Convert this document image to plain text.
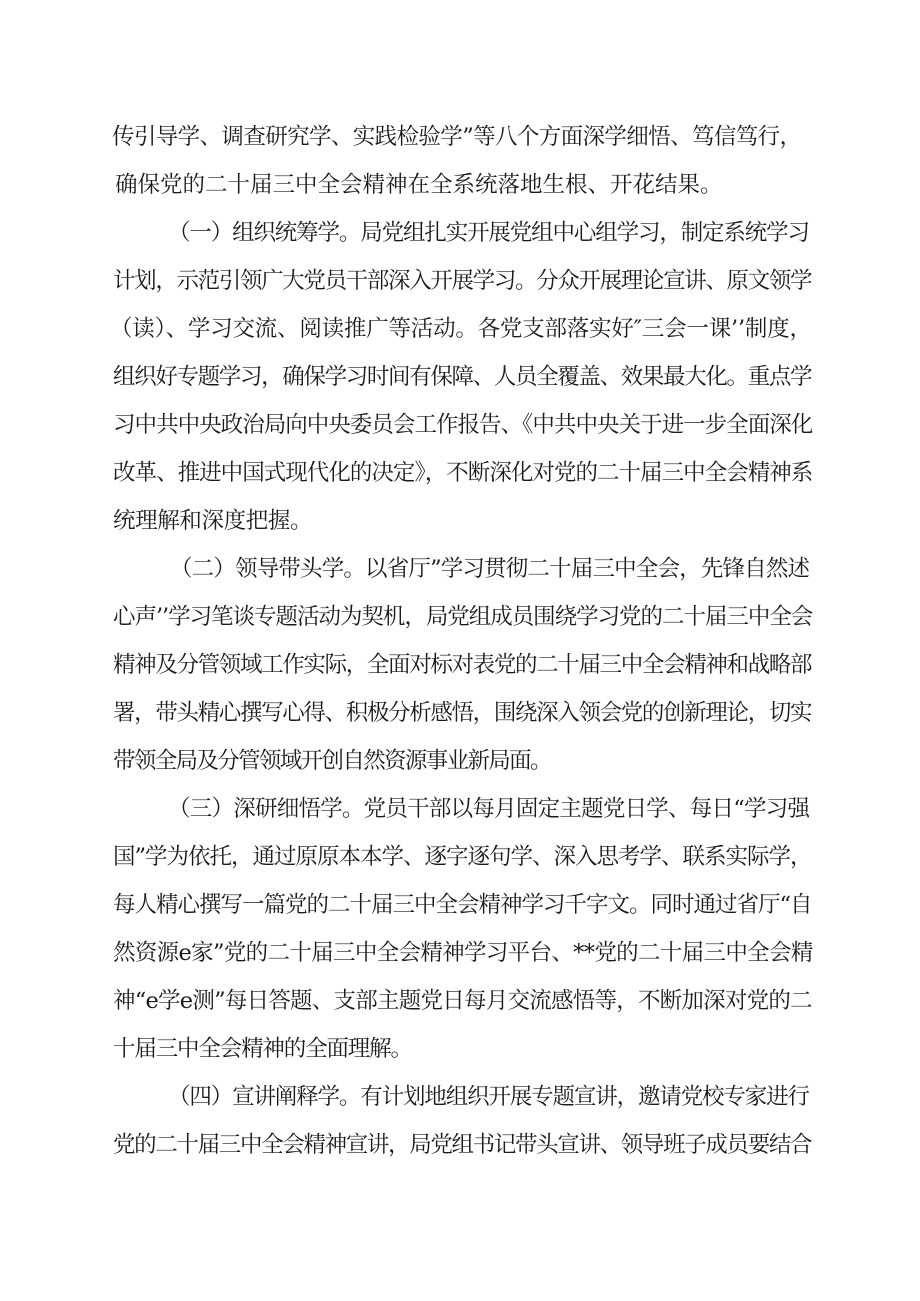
传引导学、调查研究学、实践检验学”等八个方面深学细悟、笃信笃行，
确保党的二十届三中全会精神在全系统落地生根、开花结果。
（一）组织统筹学。局党组扎实开展党组中心组学习，制定系统学习
计划，示范引领广大党员干部深入开展学习。分众开展理论宣讲、原文领学
（读）、学习交流、阅读推广等活动。各党支部落实好″三会一课’’制度，
组织好专题学习，确保学习时间有保障、人员全覆盖、效果最大化。重点学
习中共中央政治局向中央委员会工作报告、《中共中央关于进一步全面深化
改革、推进中国式现代化的决定》，不断深化对党的二十届三中全会精神系
统理解和深度把握。
（二）领导带头学。以省厅”学习贯彻二十届三中全会，先锋自然述
心声’’学习笔谈专题活动为契机，局党组成员围绕学习党的二十届三中全会
精神及分管领域工作实际，全面对标对表党的二十届三中全会精神和战略部
署，带头精心撰写心得、积极分析感悟，围绕深入领会党的创新理论，切实
带领全局及分管领域开创自然资源事业新局面。
（三）深研细悟学。党员干部以每月固定主题党日学、每日“学习强
国”学为依托，通过原原本本学、逐字逐句学、深入思考学、联系实际学，
每人精心撰写一篇党的二十届三中全会精神学习千字文。同时通过省厅“自
然资源e家”党的二十届三中全会精神学习平台、**党的二十届三中全会精
神“e学e测”每日答题、支部主题党日每月交流感悟等，不断加深对党的二
十届三中全会精神的全面理解。
（四）宣讲阐释学。有计划地组织开展专题宣讲，邀请党校专家进行
党的二十届三中全会精神宣讲，局党组书记带头宣讲、领导班子成员要结合
